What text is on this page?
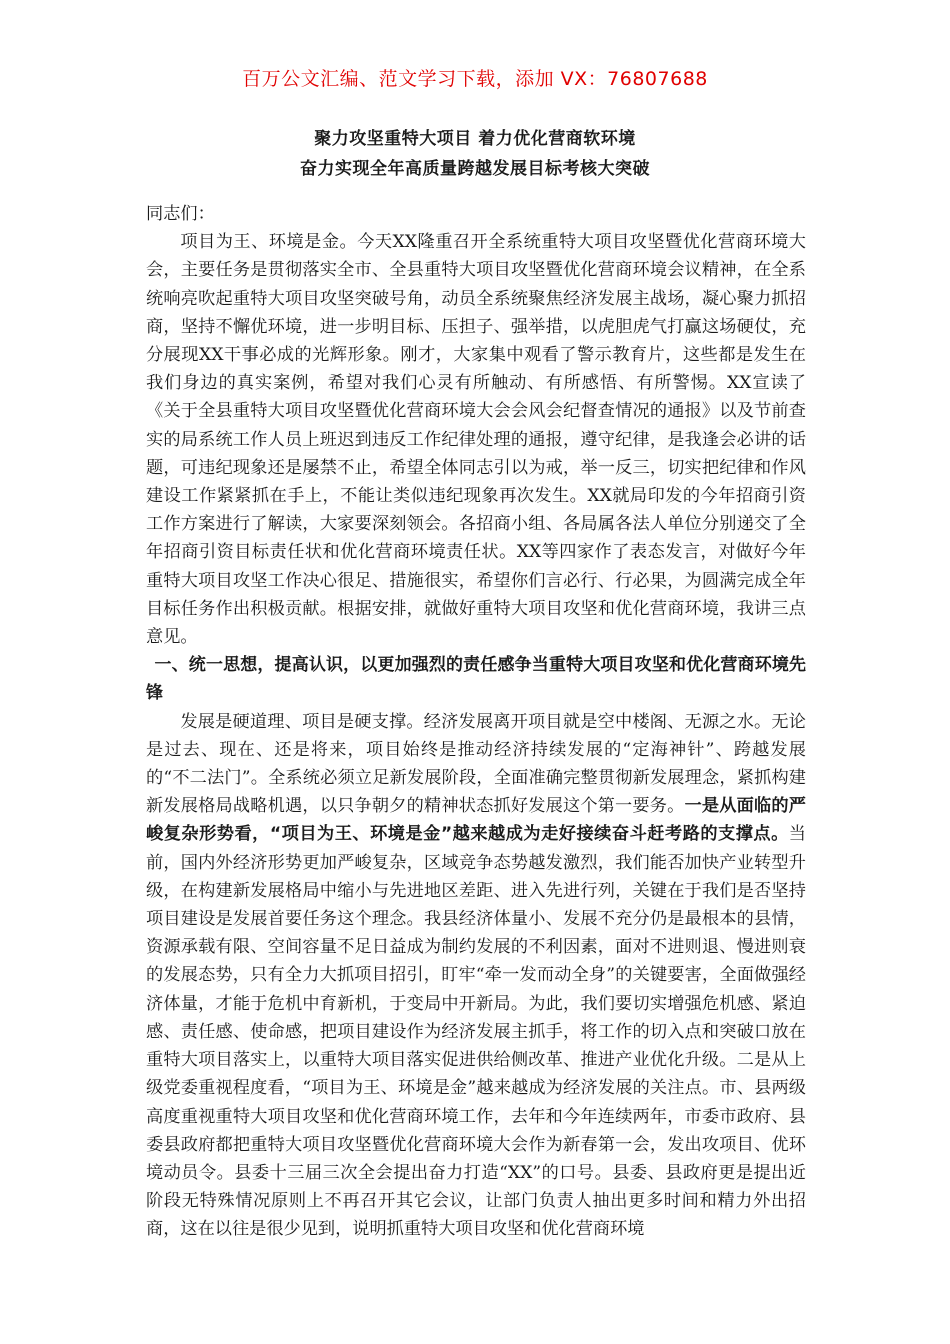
百万公文汇编、范文学习下载，添加 VX：76807688
聚力攻坚重特大项目 着力优化营商软环境
奋力实现全年高质量跨越发展目标考核大突破

同志们：

项目为王、环境是金。今天XX隆重召开全系统重特大项目攻坚暨优化营商环境大会，主要任务是贯彻落实全市、全县重特大项目攻坚暨优化营商环境会议精神，在全系统响亮吹起重特大项目攻坚突破号角，动员全系统聚焦经济发展主战场，凝心聚力抓招商，坚持不懈优环境，进一步明目标、压担子、强举措，以虎胆虎气打赢这场硬仗，充分展现XX干事必成的光辉形象。刚才，大家集中观看了警示教育片，这些都是发生在我们身边的真实案例，希望对我们心灵有所触动、有所感悟、有所警惕。XX宣读了《关于全县重特大项目攻坚暨优化营商环境大会会风会纪督查情况的通报》以及节前查实的局系统工作人员上班迟到违反工作纪律处理的通报，遵守纪律，是我逢会必讲的话题，可违纪现象还是屡禁不止，希望全体同志引以为戒，举一反三，切实把纪律和作风建设工作紧紧抓在手上，不能让类似违纪现象再次发生。XX就局印发的今年招商引资工作方案进行了解读，大家要深刻领会。各招商小组、各局属各法人单位分别递交了全年招商引资目标责任状和优化营商环境责任状。XX等四家作了表态发言，对做好今年重特大项目攻坚工作决心很足、措施很实，希望你们言必行、行必果，为圆满完成全年目标任务作出积极贡献。根据安排，就做好重特大项目攻坚和优化营商环境，我讲三点意见。

一、统一思想，提高认识，以更加强烈的责任感争当重特大项目攻坚和优化营商环境先锋

发展是硬道理、项目是硬支撑。经济发展离开项目就是空中楼阁、无源之水。无论是过去、现在、还是将来，项目始终是推动经济持续发展的“定海神针”、跨越发展的“不二法门”。全系统必须立足新发展阶段，全面准确完整贯彻新发展理念，紧抓构建新发展格局战略机遇，以只争朝夕的精神状态抓好发展这个第一要务。一是从面临的严峻复杂形势看，“项目为王、环境是金”越来越成为走好接续奋斗赶考路的支撑点。当前，国内外经济形势更加严峻复杂，区域竞争态势越发激烈，我们能否加快产业转型升级，在构建新发展格局中缩小与先进地区差距、进入先进行列，关键在于我们是否坚持项目建设是发展首要任务这个理念。我县经济体量小、发展不充分仍是最根本的县情，资源承载有限、空间容量不足日益成为制约发展的不利因素，面对不进则退、慢进则衰的发展态势，只有全力大抓项目招引，盯牢“牵一发而动全身”的关键要害，全面做强经济体量，才能于危机中育新机，于变局中开新局。为此，我们要切实增强危机感、紧迫感、责任感、使命感，把项目建设作为经济发展主抓手，将工作的切入点和突破口放在重特大项目落实上，以重特大项目落实促进供给侧改革、推进产业优化升级。二是从上级党委重视程度看，“项目为王、环境是金”越来越成为经济发展的关注点。市、县两级高度重视重特大项目攻坚和优化营商环境工作，去年和今年连续两年，市委市政府、县委县政府都把重特大项目攻坚暨优化营商环境大会作为新春第一会，发出攻项目、优环境动员令。县委十三届三次全会提出奋力打造“XX”的口号。县委、县政府更是提出近阶段无特殊情况原则上不再召开其它会议，让部门负责人抽出更多时间和精力外出招商，这在以往是很少见到，说明抓重特大项目攻坚和优化营商环境
